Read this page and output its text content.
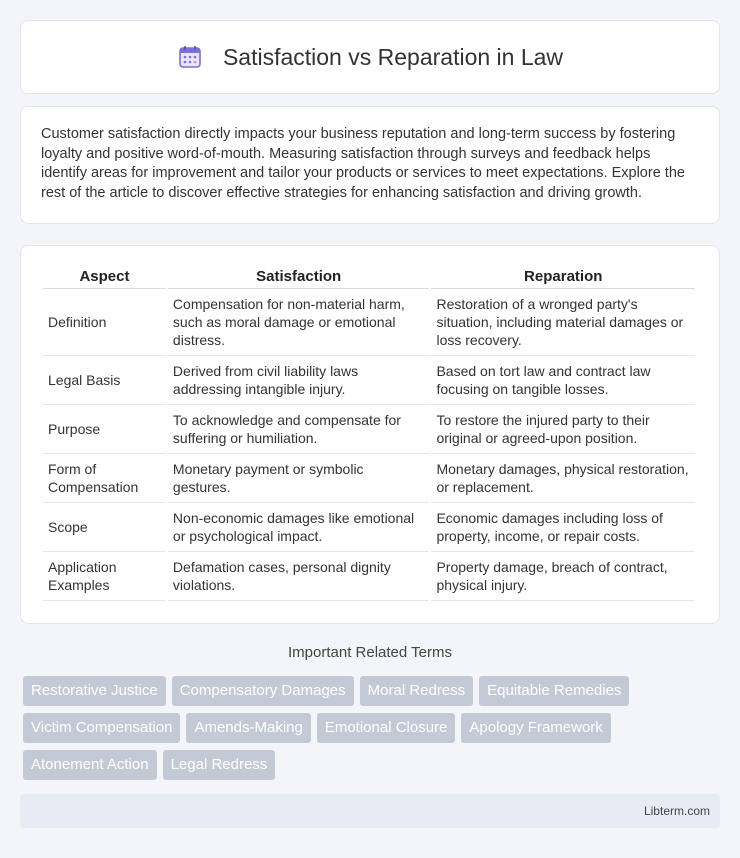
Satisfaction vs Reparation in Law

Customer satisfaction directly impacts your business reputation and long-term success by fostering loyalty and positive word-of-mouth. Measuring satisfaction through surveys and feedback helps identify areas for improvement and tailor your products or services to meet expectations. Explore the rest of the article to discover effective strategies for enhancing satisfaction and driving growth.

Aspect	Satisfaction	Reparation
Definition	Compensation for non-material harm, such as moral damage or emotional distress.	Restoration of a wronged party's situation, including material damages or loss recovery.
Legal Basis	Derived from civil liability laws addressing intangible injury.	Based on tort law and contract law focusing on tangible losses.
Purpose	To acknowledge and compensate for suffering or humiliation.	To restore the injured party to their original or agreed-upon position.
Form of Compensation	Monetary payment or symbolic gestures.	Monetary damages, physical restoration, or replacement.
Scope	Non-economic damages like emotional or psychological impact.	Economic damages including loss of property, income, or repair costs.
Application Examples	Defamation cases, personal dignity violations.	Property damage, breach of contract, physical injury.
Important Related Terms
Restorative Justice	Compensatory Damages	Moral Redress	Equitable Remedies
Victim Compensation	Amends-Making	Emotional Closure	Apology Framework
Atonement Action	Legal Redress
Libterm.com
